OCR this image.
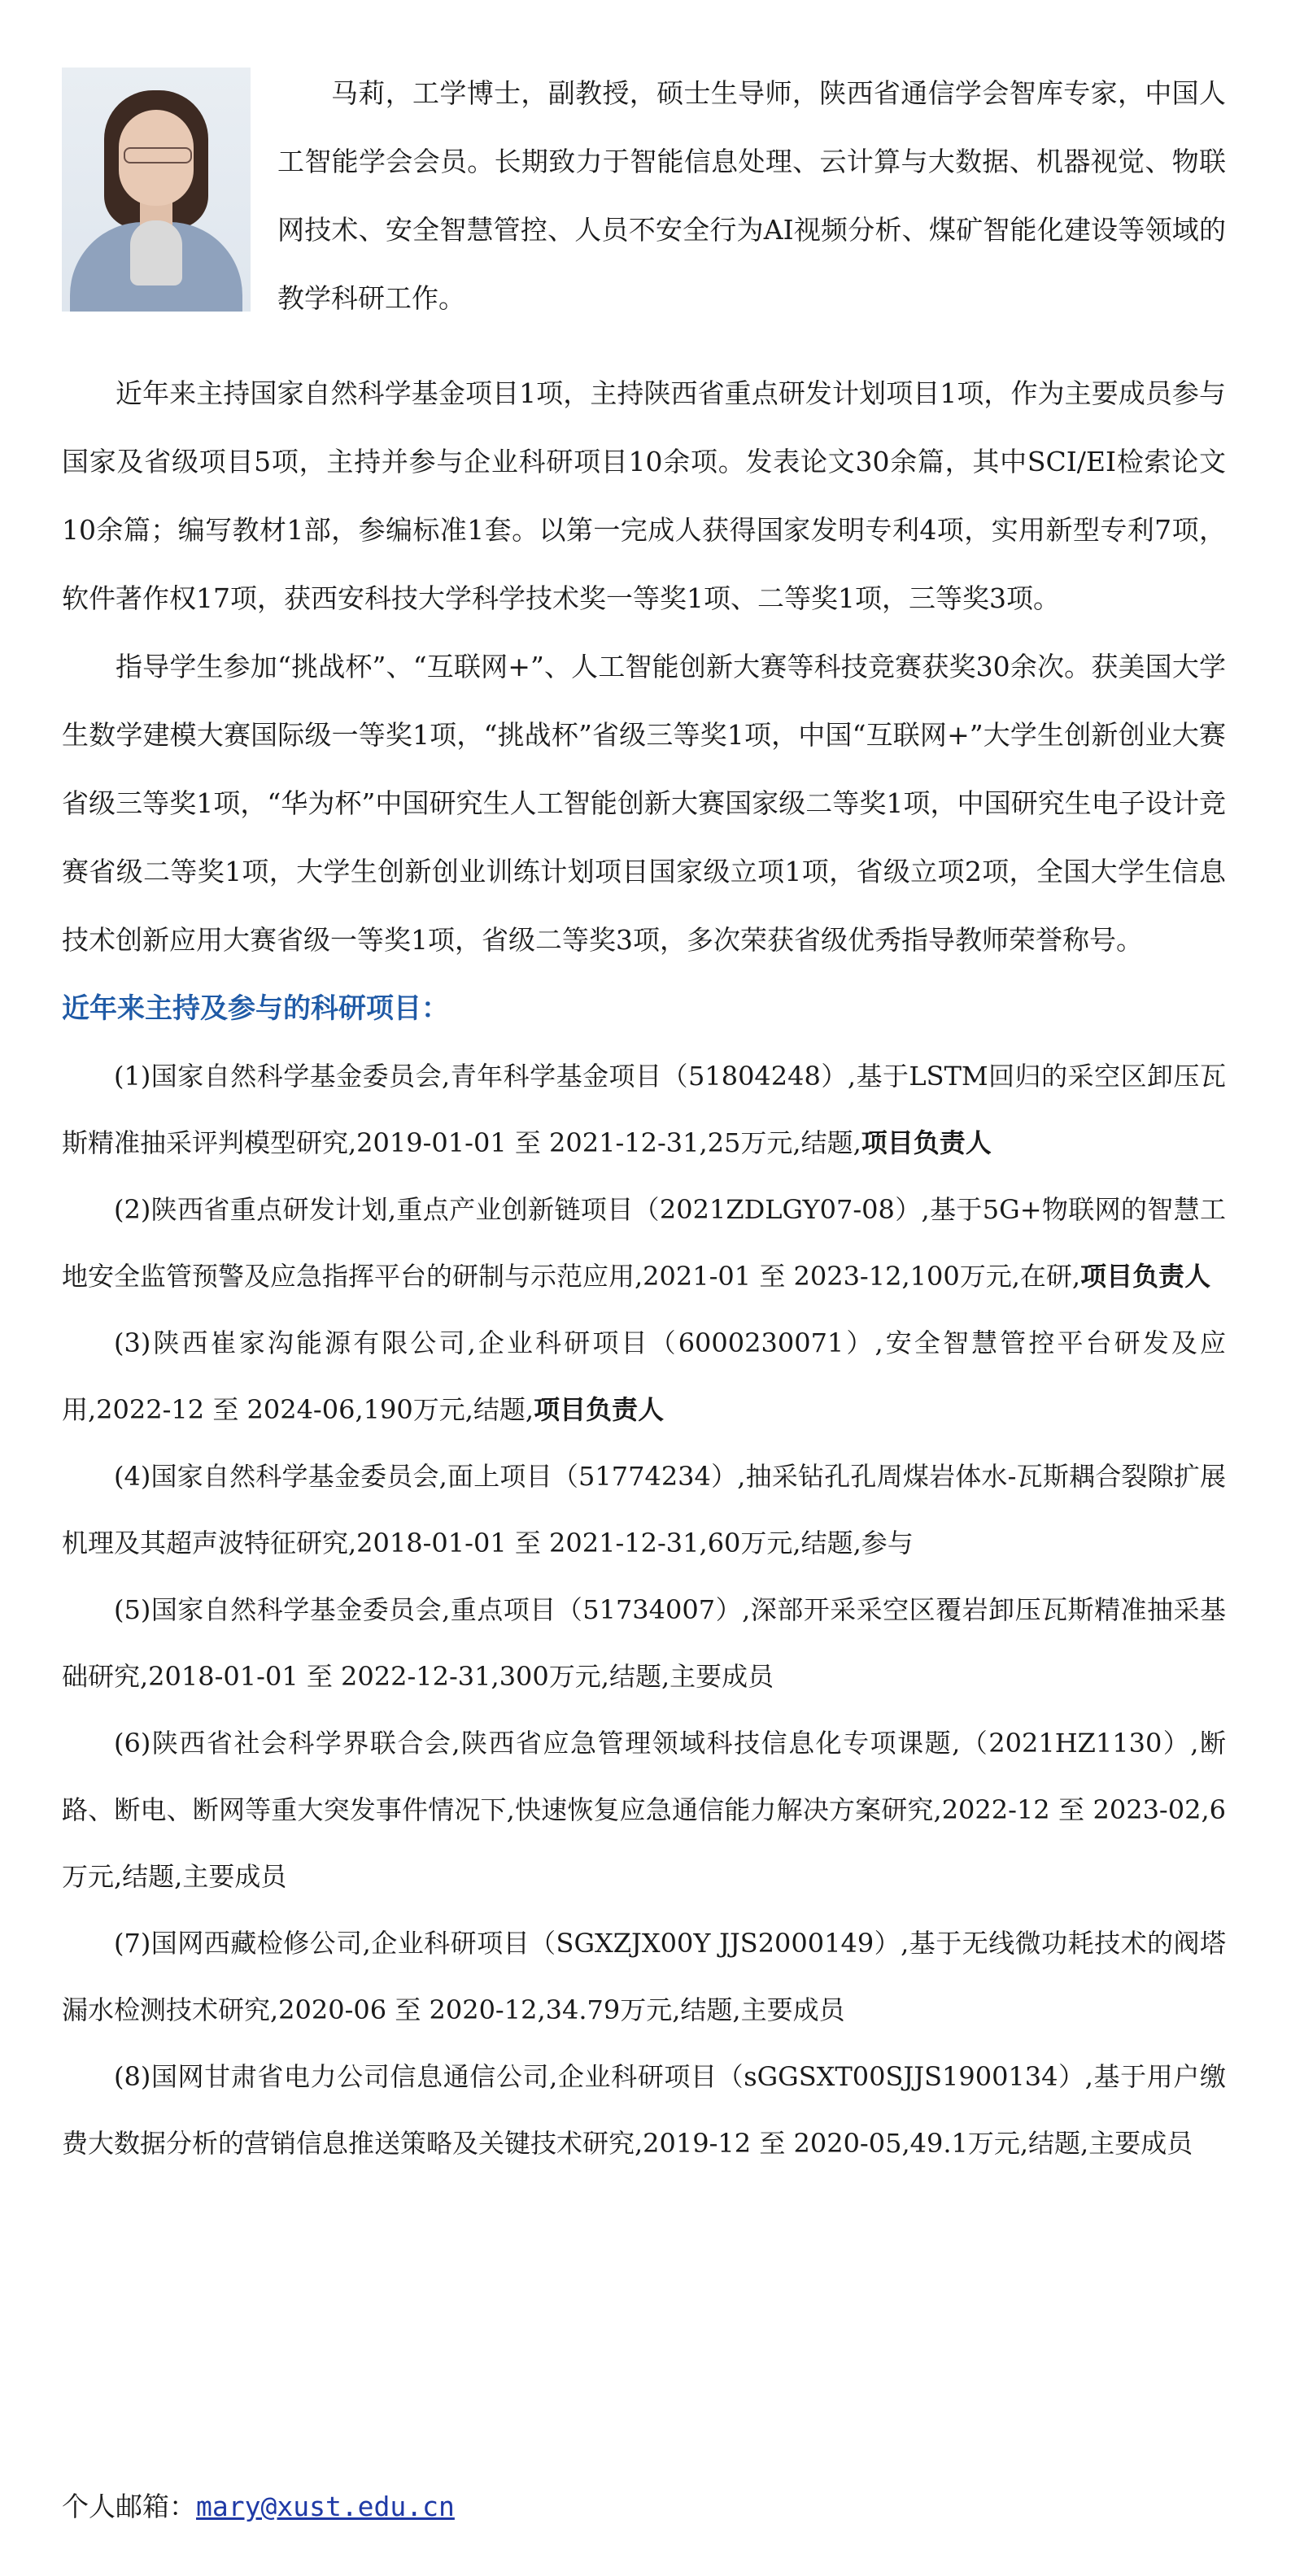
马莉，工学博士，副教授，硕士生导师，陕西省通信学会智库专家，中国人工智能学会会员。长期致力于智能信息处理、云计算与大数据、机器视觉、物联网技术、安全智慧管控、人员不安全行为AI视频分析、煤矿智能化建设等领域的教学科研工作。

近年来主持国家自然科学基金项目1项，主持陕西省重点研发计划项目1项，作为主要成员参与国家及省级项目5项，主持并参与企业科研项目10余项。发表论文30余篇，其中SCI/EI检索论文10余篇；编写教材1部，参编标准1套。以第一完成人获得国家发明专利4项，实用新型专利7项，软件著作权17项，获西安科技大学科学技术奖一等奖1项、二等奖1项，三等奖3项。

指导学生参加“挑战杯”、“互联网+”、人工智能创新大赛等科技竞赛获奖30余次。获美国大学生数学建模大赛国际级一等奖1项，“挑战杯”省级三等奖1项，中国“互联网+”大学生创新创业大赛省级三等奖1项，“华为杯”中国研究生人工智能创新大赛国家级二等奖1项，中国研究生电子设计竞赛省级二等奖1项，大学生创新创业训练计划项目国家级立项1项，省级立项2项，全国大学生信息技术创新应用大赛省级一等奖1项，省级二等奖3项，多次荣获省级优秀指导教师荣誉称号。

近年来主持及参与的科研项目：

(1)国家自然科学基金委员会,青年科学基金项目（51804248）,基于LSTM回归的采空区卸压瓦斯精准抽采评判模型研究,2019-01-01 至 2021-12-31,25万元,结题,项目负责人

(2)陕西省重点研发计划,重点产业创新链项目（2021ZDLGY07-08）,基于5G+物联网的智慧工地安全监管预警及应急指挥平台的研制与示范应用,2021-01 至 2023-12,100万元,在研,项目负责人

(3)陕西崔家沟能源有限公司,企业科研项目（6000230071）,安全智慧管控平台研发及应用,2022-12 至 2024-06,190万元,结题,项目负责人

(4)国家自然科学基金委员会,面上项目（51774234）,抽采钻孔孔周煤岩体水-瓦斯耦合裂隙扩展机理及其超声波特征研究,2018-01-01 至 2021-12-31,60万元,结题,参与

(5)国家自然科学基金委员会,重点项目（51734007）,深部开采采空区覆岩卸压瓦斯精准抽采基础研究,2018-01-01 至 2022-12-31,300万元,结题,主要成员

(6)陕西省社会科学界联合会,陕西省应急管理领域科技信息化专项课题,（2021HZ1130）,断路、断电、断网等重大突发事件情况下,快速恢复应急通信能力解决方案研究,2022-12 至 2023-02,6万元,结题,主要成员

(7)国网西藏检修公司,企业科研项目（SGXZJX00Y JJS2000149）,基于无线微功耗技术的阀塔漏水检测技术研究,2020-06 至 2020-12,34.79万元,结题,主要成员

(8)国网甘肃省电力公司信息通信公司,企业科研项目（sGGSXT00SJJS1900134）,基于用户缴费大数据分析的营销信息推送策略及关键技术研究,2019-12 至 2020-05,49.1万元,结题,主要成员

个人邮箱：mary@xust.edu.cn
